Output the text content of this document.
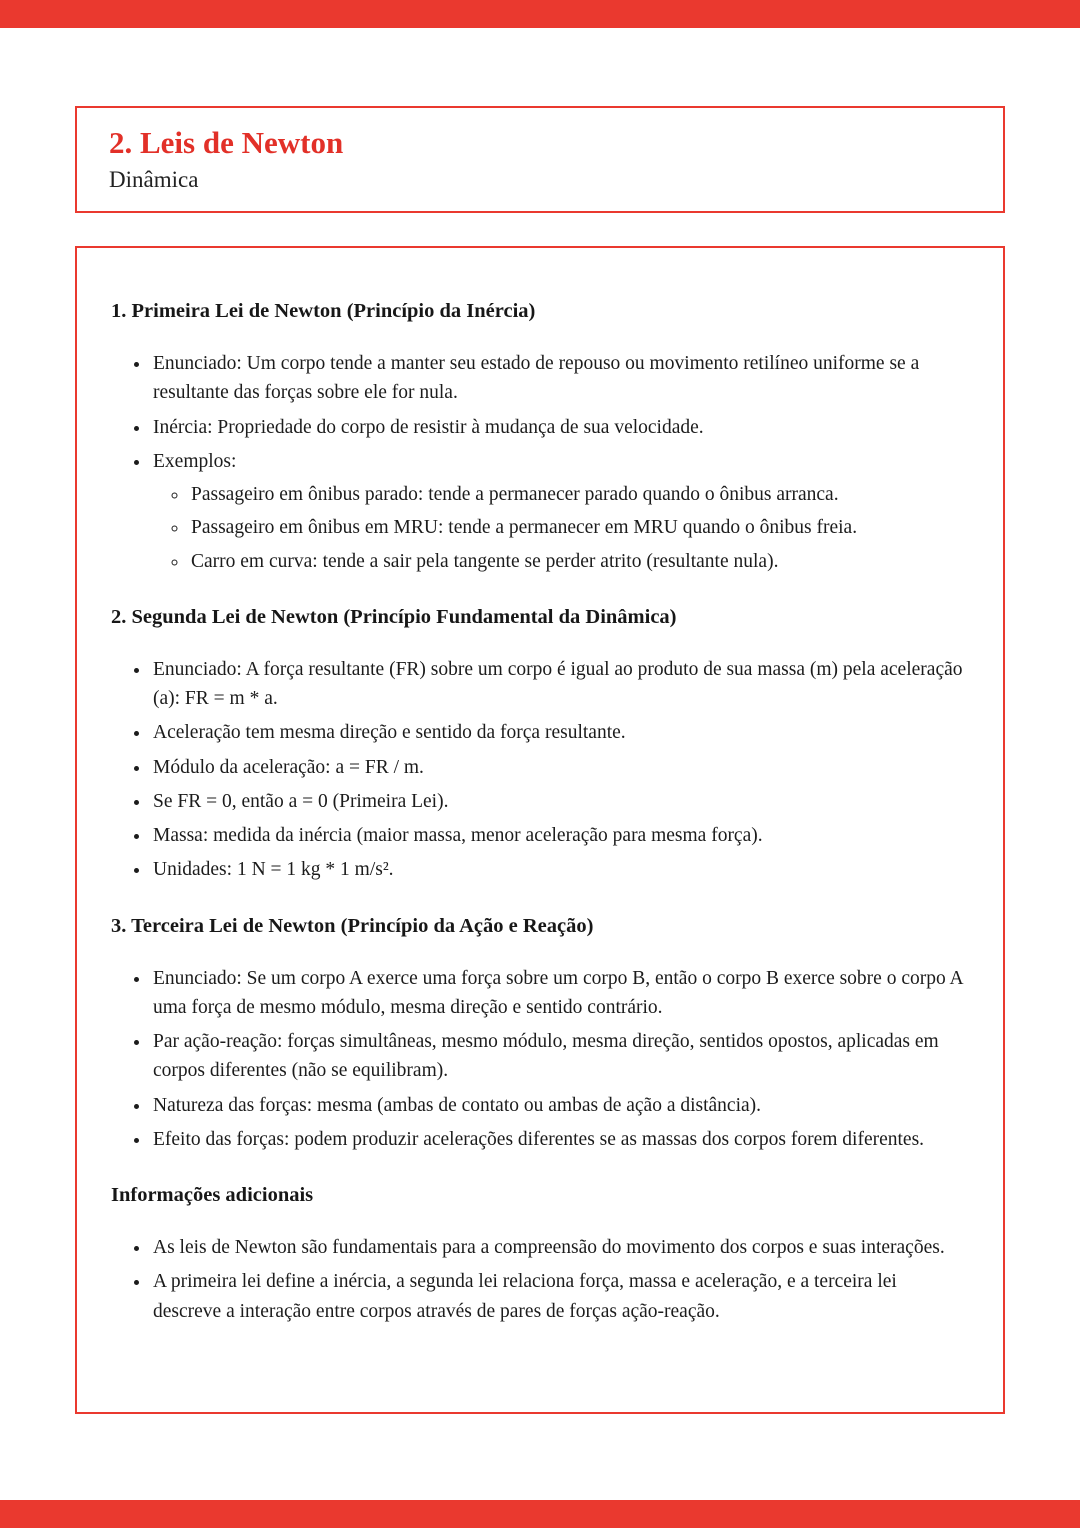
2. Leis de Newton
Dinâmica
1. Primeira Lei de Newton (Princípio da Inércia)
• Enunciado: Um corpo tende a manter seu estado de repouso ou movimento retilíneo uniforme se a resultante das forças sobre ele for nula.
• Inércia: Propriedade do corpo de resistir à mudança de sua velocidade.
• Exemplos:
◦ Passageiro em ônibus parado: tende a permanecer parado quando o ônibus arranca.
◦ Passageiro em ônibus em MRU: tende a permanecer em MRU quando o ônibus freia.
◦ Carro em curva: tende a sair pela tangente se perder atrito (resultante nula).
2. Segunda Lei de Newton (Princípio Fundamental da Dinâmica)
• Enunciado: A força resultante (FR) sobre um corpo é igual ao produto de sua massa (m) pela aceleração (a): FR = m * a.
• Aceleração tem mesma direção e sentido da força resultante.
• Módulo da aceleração: a = FR / m.
• Se FR = 0, então a = 0 (Primeira Lei).
• Massa: medida da inércia (maior massa, menor aceleração para mesma força).
• Unidades: 1 N = 1 kg * 1 m/s².
3. Terceira Lei de Newton (Princípio da Ação e Reação)
• Enunciado: Se um corpo A exerce uma força sobre um corpo B, então o corpo B exerce sobre o corpo A uma força de mesmo módulo, mesma direção e sentido contrário.
• Par ação-reação: forças simultâneas, mesmo módulo, mesma direção, sentidos opostos, aplicadas em corpos diferentes (não se equilibram).
• Natureza das forças: mesma (ambas de contato ou ambas de ação a distância).
• Efeito das forças: podem produzir acelerações diferentes se as massas dos corpos forem diferentes.
Informações adicionais
• As leis de Newton são fundamentais para a compreensão do movimento dos corpos e suas interações.
• A primeira lei define a inércia, a segunda lei relaciona força, massa e aceleração, e a terceira lei descreve a interação entre corpos através de pares de forças ação-reação.
